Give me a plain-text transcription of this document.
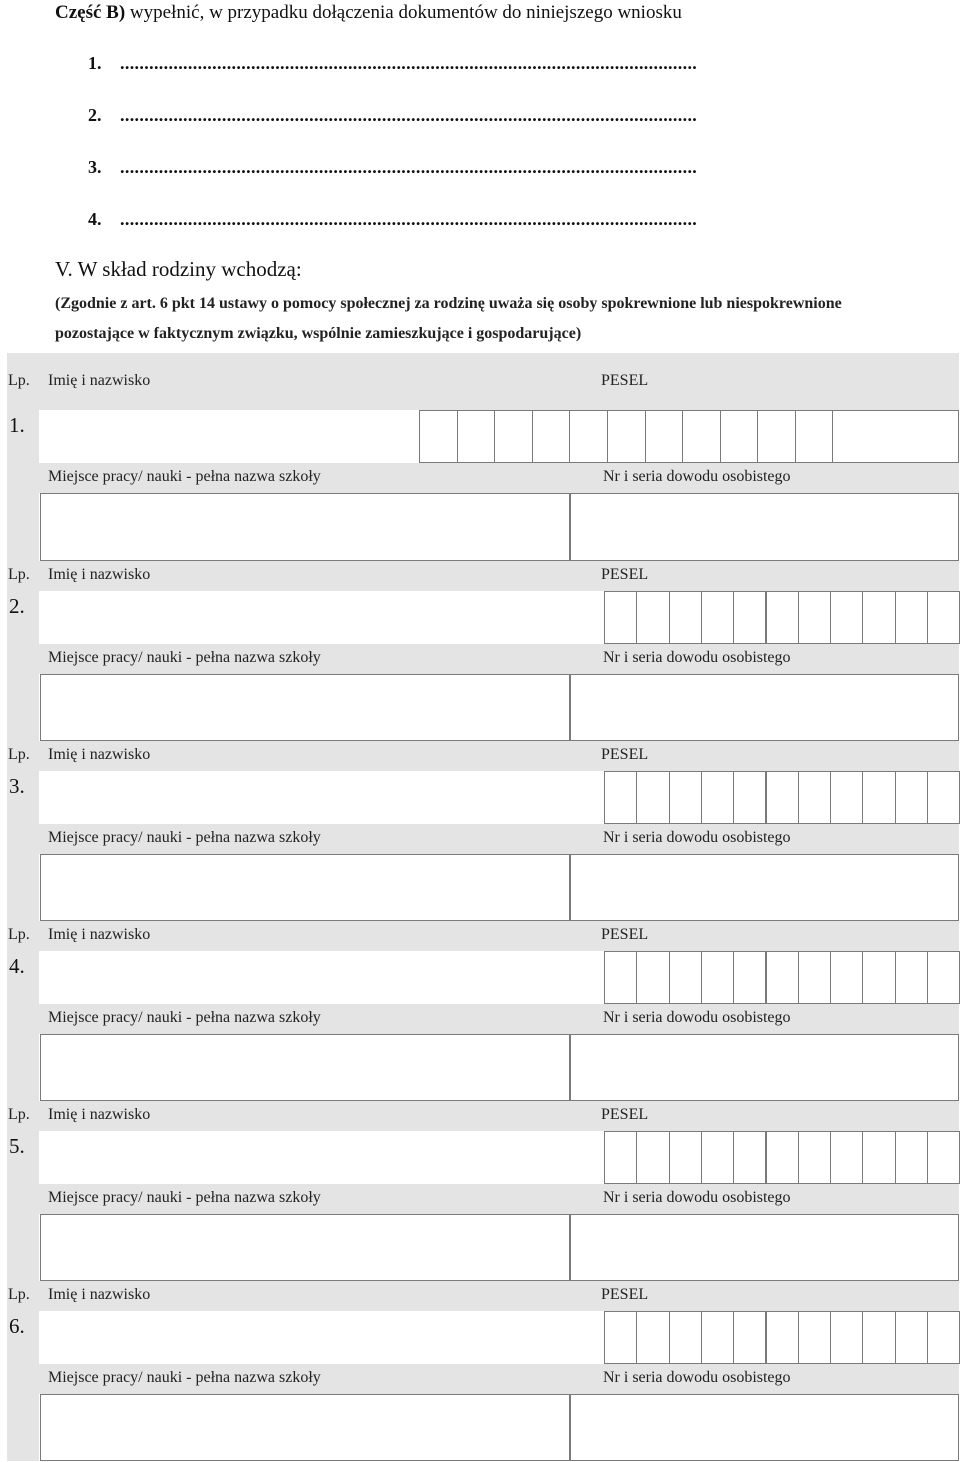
Część B) wypełnić, w przypadku dołączenia dokumentów do niniejszego wniosku
1. .......................................................................................................................
2. .......................................................................................................................
3. .......................................................................................................................
4. .......................................................................................................................
V. W skład rodziny wchodzą:
(Zgodnie z art. 6 pkt 14 ustawy o pomocy społecznej za rodzinę uważa się osoby spokrewnione lub niespokrewnione
pozostające w faktycznym związku, wspólnie zamieszkujące i gospodarujące)
Lp. Imię i nazwisko	PESEL
1.
Miejsce pracy/ nauki - pełna nazwa szkoły	Nr i seria dowodu osobistego
Lp. Imię i nazwisko	PESEL
2.
Miejsce pracy/ nauki - pełna nazwa szkoły	Nr i seria dowodu osobistego
Lp. Imię i nazwisko	PESEL
3.
Miejsce pracy/ nauki - pełna nazwa szkoły	Nr i seria dowodu osobistego
Lp. Imię i nazwisko	PESEL
4.
Miejsce pracy/ nauki - pełna nazwa szkoły	Nr i seria dowodu osobistego
Lp. Imię i nazwisko	PESEL
5.
Miejsce pracy/ nauki - pełna nazwa szkoły	Nr i seria dowodu osobistego
Lp. Imię i nazwisko	PESEL
6.
Miejsce pracy/ nauki - pełna nazwa szkoły	Nr i seria dowodu osobistego
